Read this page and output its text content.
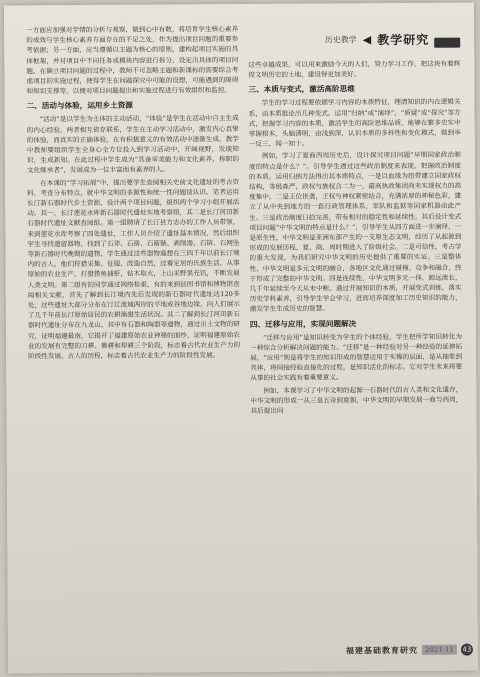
历史教学 ◀ 教学研究

一方面应加强对学情的分析与观察，做到心中有数，将培育学生核心素养的成效与学生核心素养方面存在的不足之处，作为提出项目问题的重要参考依据；另一方面，应当遵循以主题为核心的原则，建构起项目实施的具体框架，并对项目中不同任务或模块内容进行拆分，设定出具体的项目问题。在确立项目问题的过程中，教师不可忽略主题和新课标的需要综合考虑项目的实施过程，使得学生在问题探究中可能的设想，可能遇到的障碍和知识支撑等，以便对项目问题提出和实施过程进行有效组织和监控。

二、活动与体验，运用乡土资源

“活动”是以学生为主体的主动活动，“体验”是学生在活动中自主生成的内心经验，两者相互依存联系，学生在主动学习活动中，激发内心真挚的体验，而真实的正确体验，在有积极意义的有效活动中逐渐生成。教学中教师要组织学生全身心全方位投入到学习活动中，开阔视野，发现知识，生成新知。在此过程中学生成为“具备审美能力和文化素养，称职的文化继承者”，发展成为一位丰富而有素养的人。

在本课的“学习拓展”中，提出要学生查阅相关史前文化遗址的考古资料，考查分布特点，就中华文明的多源性和统一性问题谈认识。笔者运用长汀新石器时代乡土资源，设计两个项目问题，组织两个学习小组开展活动。其一，长汀莲花水库新石器时代遗址实地考察组，其二是长汀河田新石器时代遗址文献查阅组。第一组聘请了长汀县方志办的工作人员带领，来到莲花水库考察了四处遗址，工作人员介绍了遗址基本情况，然后组织学生寻找遗留器物，找到了石斧、石凿、石箭镞、剥削器、石锛、石网坠等新石器时代晚期的遗物，学生通过这些器物遥想在三四千年以前长汀境内的古人，他们狩猎采集、征服、改造自然，过着定居的氏族生活，从事原始的农业生产，打猎捞鱼捕虾，钻木取火，上山采野果充饥，不断发展人类文明。第二组有的同学通过网络检索，有的来到县图书馆和博物馆查阅相关文献，首先了解到长汀境内先后发现的新石器时代遗址达120多处，这些遗址大部分分布在汀江流域两岸的平地或谷地边缘，向人们展示了几千年前长汀原始居民的农耕渔猎生活状况。其二了解到长汀河田新石器时代遗址分布在九龙山，其中有石器和陶器等遗物，通过出土文物的研究，证明福建最南，它揭开了福建原始农业神秘的面纱，证明福建原始农业的发展有完整的刀耕、锄耕和犁耕三个阶段，标志着古代农业生产力的阶段性发展。古人的历程，标志着古代农业生产力的阶段性发展。

这些卓越成果，可以用来激励今天的人们，努力学习工作，把这块有着辉煌文明历史的土地，建设得更加美好。

三、本质与变式，激活高阶思维

学生的学习过程要依据学习内容的本质特征，理清知识的内在逻辑关系，由本质推论出几种变式。运用“归纳”或“演绎”，“质疑”或“探究”等方式，把握学习内容的本质，激活学生的高阶思维品质，能够在繁多史实中掌握根本，头脑清明，由浅到深，认识本质的多样性和变化模式，做到举一反三，闻一知十。

例如，学习了夏商西周历史后，设计探究项目问题“早期国家政治制度的特点是什么？”。引导学生透过这些政治制度来表现，把握政治制度的本质。运用归纳方法得出其本质特点，一是以血缘为纽带建立国家政权结构，等级森严，政权与族权合二为一，最高执政集团尚未实现权力的高度集中。二是王位世袭，王权与神权紧密结合，充满浓厚的神秘色彩，建立了从中央到地方的一套行政管理体系，军队和监狱等国家机器由此产生。三是政治制度日趋完善，带有相对的稳定性和延续性。其后设计变式项目问题“中华文明的特点是什么？”，引导学生从四方面进一步演绎，一是原生性，中华文明是亚洲东部产生的一支原生态文明，经历了从起源到形成的发展历程，夏、商、周时期进入了阶级社会。二是可信性，考古学的重大发现，为我们研究中华文明的历史提供了重要的实证。三是整体性，中华文明是多元文明的融合，各地区文化通过碰撞、竞争和融合，终于形成了完整的中华文明。四是连续性，中华文明多元一体，源远流长，几千年延续至今天从未中断。通过开展知识的本质，开展变式训练，落实历史学科素养，引导学生学会学习，进而培养深度加工历史知识的能力，激发学生生成历史的智慧。

四、迁移与应用，实现问题解决

“迁移与应用”是知识转变为学生的个体经验，学生把所学知识转化为一种综合分析解决问题的能力。“迁移”是一种经验对另一种经验的延伸拓展，“应用”则是将学生的知识形成的智慧运用于实操的层面，是从抽象到具体，将间接经验直接化的过程，是知识活化的标志。它对学生未来将要从事的社会实践有着重要意义。

例如，本课学习了中华文明的起源一石器时代的古人类和文化遗存，中华文明的形成一从三皇五帝到夏朝，中华文明的早期发展一商与西周，其后提出问

福建基础教育研究 2021·11	43
